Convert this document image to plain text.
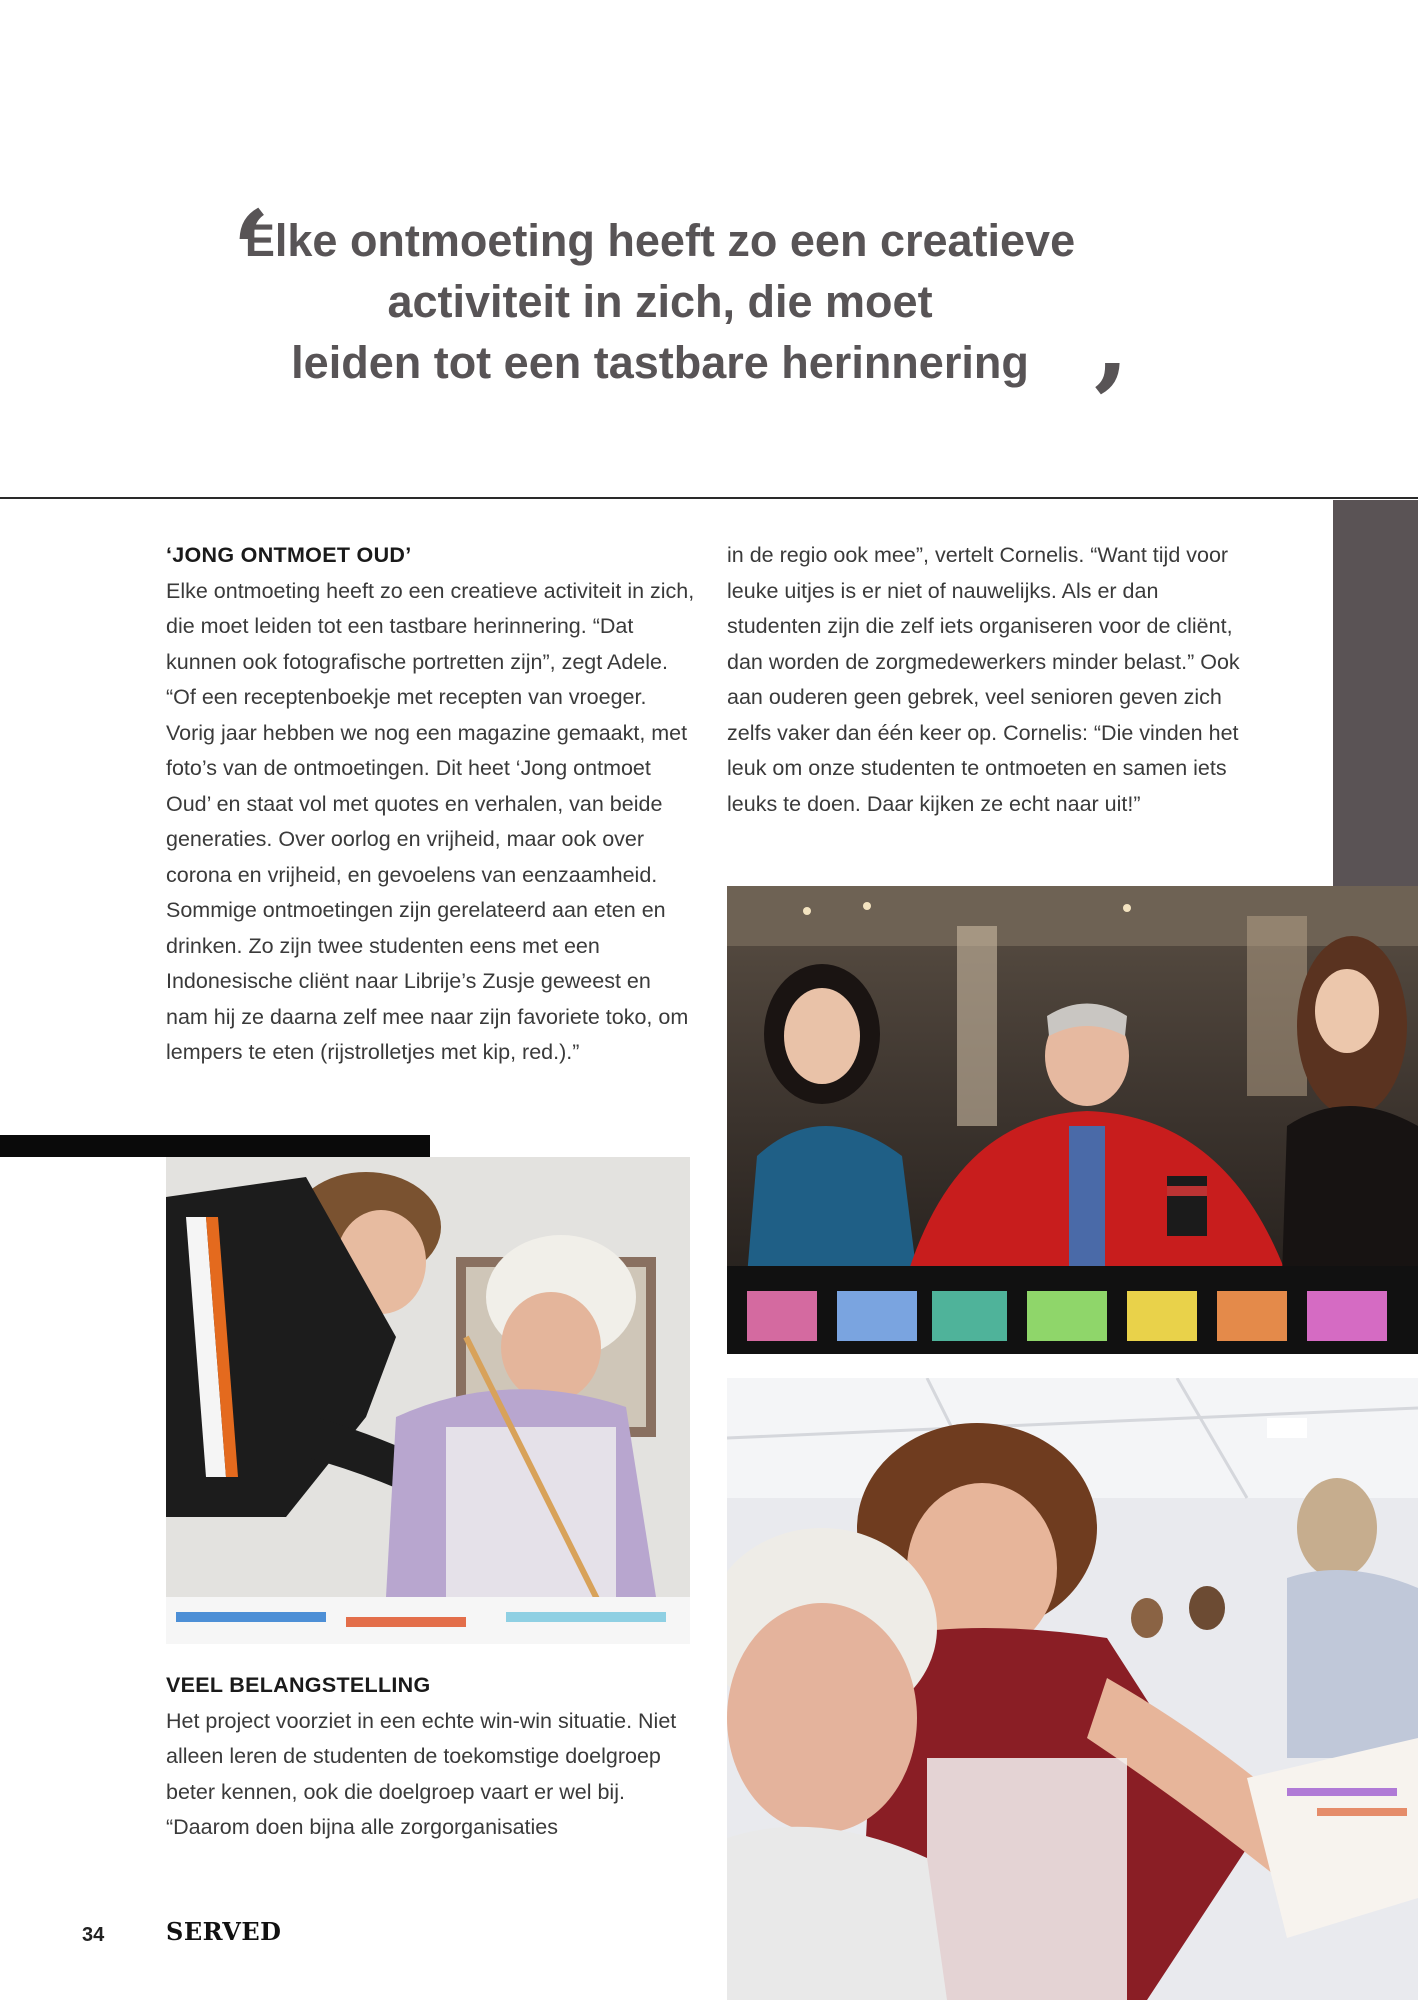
‘
Elke ontmoeting heeft zo een creatieve
activiteit in zich, die moet
leiden tot een tastbare herinnering ’
‘JONG ONTMOET OUD’

Elke ontmoeting heeft zo een creatieve activiteit in zich, die moet leiden tot een tastbare herinnering. “Dat kunnen ook fotografische portretten zijn”, zegt Adele. “Of een receptenboekje met recepten van vroeger. Vorig jaar hebben we nog een magazine gemaakt, met foto’s van de ontmoetingen. Dit heet ‘Jong ontmoet Oud’ en staat vol met quotes en verhalen, van beide generaties. Over oorlog en vrijheid, maar ook over corona en vrijheid, en gevoelens van eenzaamheid. Sommige ontmoetingen zijn gerelateerd aan eten en drinken. Zo zijn twee studenten eens met een Indonesische cliënt naar Librije’s Zusje geweest en nam hij ze daarna zelf mee naar zijn favoriete toko, om lempers te eten (rijstrolletjes met kip, red.).”

in de regio ook mee”, vertelt Cornelis. “Want tijd voor leuke uitjes is er niet of nauwelijks. Als er dan studenten zijn die zelf iets organiseren voor de cliënt, dan worden de zorgmedewerkers minder belast.” Ook aan ouderen geen gebrek, veel senioren geven zich zelfs vaker dan één keer op. Cornelis: “Die vinden het leuk om onze studenten te ontmoeten en samen iets leuks te doen. Daar kijken ze echt naar uit!”

VEEL BELANGSTELLING

Het project voorziet in een echte win-win situatie. Niet alleen leren de studenten de toekomstige doelgroep beter kennen, ook die doelgroep vaart er wel bij. “Daarom doen bijna alle zorgorganisaties

34	SERVED
